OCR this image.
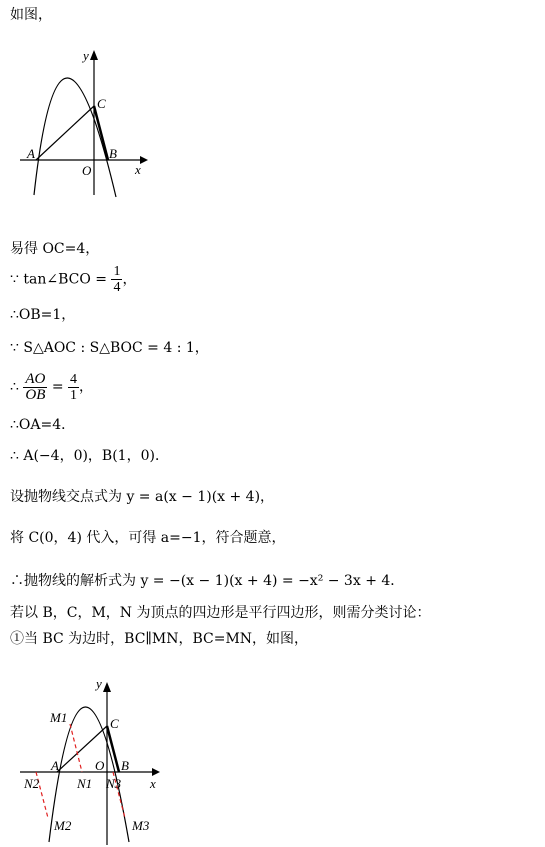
如图，
y
x
A	B
C
O
易得 OC=4，
∵ tan∠BCO = $\frac{1}{4}$ ，
∴OB=1，
∵ S△AOC : S△BOC = 4 : 1，
∴ $\frac{AO}{OB} = \frac{4}{1}$ ，
∴OA=4．
∴ A(−4，0)，B(1，0)．
设抛物线交点式为 y = a(x − 1)(x + 4)，
将 C(0，4) 代入，可得 a=−1，符合题意，
∴抛物线的解析式为 y = −(x − 1)(x + 4) = −x² − 3x + 4．
若以 B，C，M，N 为顶点的四边形是平行四边形，则需分类讨论：
①当 BC 为边时，BC∥MN，BC=MN，如图，
y
x
A	B
C
O
M1
N1
N2	N3
M2	M3
